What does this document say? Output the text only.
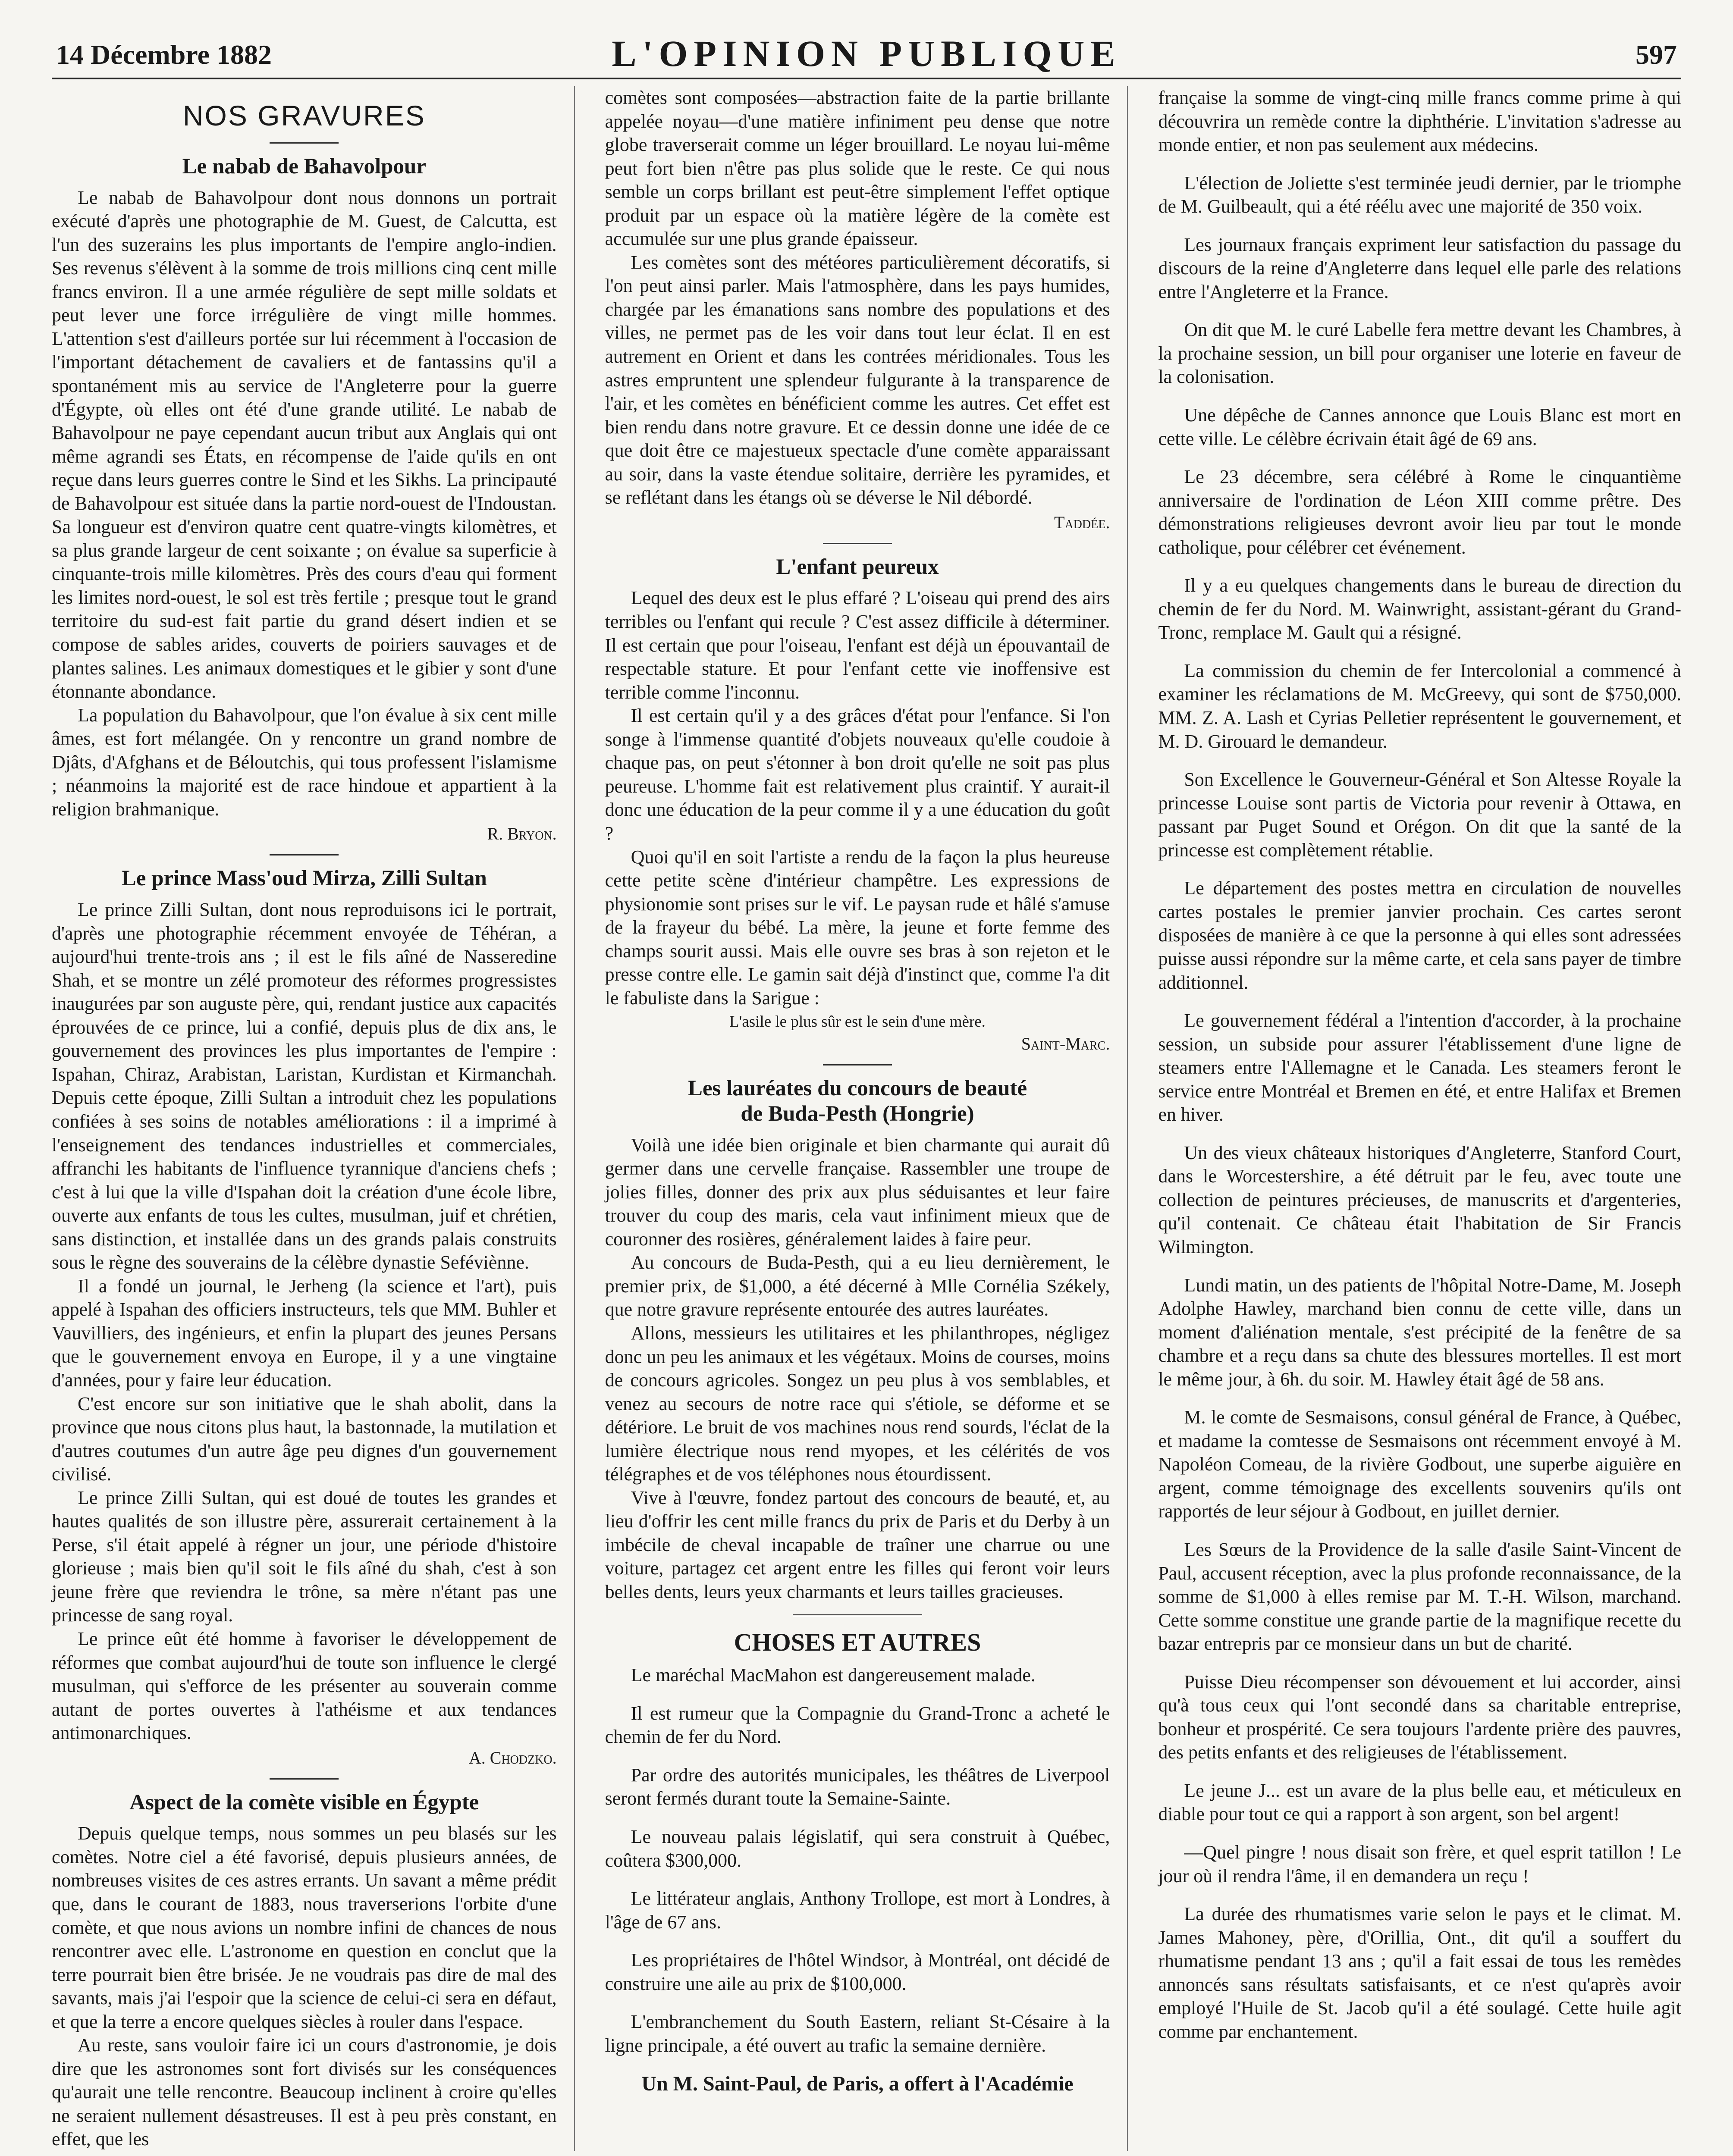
14 Décembre 1882	L'OPINION PUBLIQUE	597
NOS GRAVURES
Le nabab de Bahavolpour

Le nabab de Bahavolpour dont nous donnons un portrait exécuté d'après une photographie de M. Guest, de Calcutta, est l'un des suzerains les plus importants de l'empire anglo-indien. Ses revenus s'élèvent à la somme de trois millions cinq cent mille francs environ. Il a une armée régulière de sept mille soldats et peut lever une force irrégulière de vingt mille hommes. L'attention s'est d'ailleurs portée sur lui récemment à l'occasion de l'important détachement de cavaliers et de fantassins qu'il a spontanément mis au service de l'Angleterre pour la guerre d'Égypte, où elles ont été d'une grande utilité. Le nabab de Bahavolpour ne paye cependant aucun tribut aux Anglais qui ont même agrandi ses États, en récompense de l'aide qu'ils en ont reçue dans leurs guerres contre le Sind et les Sikhs. La principauté de Bahavolpour est située dans la partie nord-ouest de l'Indoustan. Sa longueur est d'environ quatre cent quatre-vingts kilomètres, et sa plus grande largeur de cent soixante ; on évalue sa superficie à cinquante-trois mille kilomètres. Près des cours d'eau qui forment les limites nord-ouest, le sol est très fertile ; presque tout le grand territoire du sud-est fait partie du grand désert indien et se compose de sables arides, couverts de poiriers sauvages et de plantes salines. Les animaux domestiques et le gibier y sont d'une étonnante abondance.

La population du Bahavolpour, que l'on évalue à six cent mille âmes, est fort mélangée. On y rencontre un grand nombre de Djâts, d'Afghans et de Béloutchis, qui tous professent l'islamisme ; néanmoins la majorité est de race hindoue et appartient à la religion brahmanique.

R. Bryon.
Le prince Mass'oud Mirza, Zilli Sultan

Le prince Zilli Sultan, dont nous reproduisons ici le portrait, d'après une photographie récemment envoyée de Téhéran, a aujourd'hui trente-trois ans ; il est le fils aîné de Nasseredine Shah, et se montre un zélé promoteur des réformes progressistes inaugurées par son auguste père, qui, rendant justice aux capacités éprouvées de ce prince, lui a confié, depuis plus de dix ans, le gouvernement des provinces les plus importantes de l'empire : Ispahan, Chiraz, Arabistan, Laristan, Kurdistan et Kirmanchah. Depuis cette époque, Zilli Sultan a introduit chez les populations confiées à ses soins de notables améliorations : il a imprimé à l'enseignement des tendances industrielles et commerciales, affranchi les habitants de l'influence tyrannique d'anciens chefs ; c'est à lui que la ville d'Ispahan doit la création d'une école libre, ouverte aux enfants de tous les cultes, musulman, juif et chrétien, sans distinction, et installée dans un des grands palais construits sous le règne des souverains de la célèbre dynastie Seféviènne.

Il a fondé un journal, le Jerheng (la science et l'art), puis appelé à Ispahan des officiers instructeurs, tels que MM. Buhler et Vauvilliers, des ingénieurs, et enfin la plupart des jeunes Persans que le gouvernement envoya en Europe, il y a une vingtaine d'années, pour y faire leur éducation.

C'est encore sur son initiative que le shah abolit, dans la province que nous citons plus haut, la bastonnade, la mutilation et d'autres coutumes d'un autre âge peu dignes d'un gouvernement civilisé.

Le prince Zilli Sultan, qui est doué de toutes les grandes et hautes qualités de son illustre père, assurerait certainement à la Perse, s'il était appelé à régner un jour, une période d'histoire glorieuse ; mais bien qu'il soit le fils aîné du shah, c'est à son jeune frère que reviendra le trône, sa mère n'étant pas une princesse de sang royal.

Le prince eût été homme à favoriser le développement de réformes que combat aujourd'hui de toute son influence le clergé musulman, qui s'efforce de les présenter au souverain comme autant de portes ouvertes à l'athéisme et aux tendances antimonarchiques.

A. Chodzko.
Aspect de la comète visible en Égypte

Depuis quelque temps, nous sommes un peu blasés sur les comètes. Notre ciel a été favorisé, depuis plusieurs années, de nombreuses visites de ces astres errants. Un savant a même prédit que, dans le courant de 1883, nous traverserions l'orbite d'une comète, et que nous avions un nombre infini de chances de nous rencontrer avec elle. L'astronome en question en conclut que la terre pourrait bien être brisée. Je ne voudrais pas dire de mal des savants, mais j'ai l'espoir que la science de celui-ci sera en défaut, et que la terre a encore quelques siècles à rouler dans l'espace.

Au reste, sans vouloir faire ici un cours d'astronomie, je dois dire que les astronomes sont fort divisés sur les conséquences qu'aurait une telle rencontre. Beaucoup inclinent à croire qu'elles ne seraient nullement désastreuses. Il est à peu près constant, en effet, que les

comètes sont composées—abstraction faite de la partie brillante appelée noyau—d'une matière infiniment peu dense que notre globe traverserait comme un léger brouillard. Le noyau lui-même peut fort bien n'être pas plus solide que le reste. Ce qui nous semble un corps brillant est peut-être simplement l'effet optique produit par un espace où la matière légère de la comète est accumulée sur une plus grande épaisseur.

Les comètes sont des météores particulièrement décoratifs, si l'on peut ainsi parler. Mais l'atmosphère, dans les pays humides, chargée par les émanations sans nombre des populations et des villes, ne permet pas de les voir dans tout leur éclat. Il en est autrement en Orient et dans les contrées méridionales. Tous les astres empruntent une splendeur fulgurante à la transparence de l'air, et les comètes en bénéficient comme les autres. Cet effet est bien rendu dans notre gravure. Et ce dessin donne une idée de ce que doit être ce majestueux spectacle d'une comète apparaissant au soir, dans la vaste étendue solitaire, derrière les pyramides, et se reflétant dans les étangs où se déverse le Nil débordé.

Taddée.
L'enfant peureux

Lequel des deux est le plus effaré ? L'oiseau qui prend des airs terribles ou l'enfant qui recule ? C'est assez difficile à déterminer. Il est certain que pour l'oiseau, l'enfant est déjà un épouvantail de respectable stature. Et pour l'enfant cette vie inoffensive est terrible comme l'inconnu.

Il est certain qu'il y a des grâces d'état pour l'enfance. Si l'on songe à l'immense quantité d'objets nouveaux qu'elle coudoie à chaque pas, on peut s'étonner à bon droit qu'elle ne soit pas plus peureuse. L'homme fait est relativement plus craintif. Y aurait-il donc une éducation de la peur comme il y a une éducation du goût ?

Quoi qu'il en soit l'artiste a rendu de la façon la plus heureuse cette petite scène d'intérieur champêtre. Les expressions de physionomie sont prises sur le vif. Le paysan rude et hâlé s'amuse de la frayeur du bébé. La mère, la jeune et forte femme des champs sourit aussi. Mais elle ouvre ses bras à son rejeton et le presse contre elle. Le gamin sait déjà d'instinct que, comme l'a dit le fabuliste dans la Sarigue :

L'asile le plus sûr est le sein d'une mère.
Saint-Marc.
Les lauréates du concours de beauté
de Buda-Pesth (Hongrie)

Voilà une idée bien originale et bien charmante qui aurait dû germer dans une cervelle française. Rassembler une troupe de jolies filles, donner des prix aux plus séduisantes et leur faire trouver du coup des maris, cela vaut infiniment mieux que de couronner des rosières, généralement laides à faire peur.

Au concours de Buda-Pesth, qui a eu lieu dernièrement, le premier prix, de $1,000, a été décerné à Mlle Cornélia Székely, que notre gravure représente entourée des autres lauréates.

Allons, messieurs les utilitaires et les philanthropes, négligez donc un peu les animaux et les végétaux. Moins de courses, moins de concours agricoles. Songez un peu plus à vos semblables, et venez au secours de notre race qui s'étiole, se déforme et se détériore. Le bruit de vos machines nous rend sourds, l'éclat de la lumière électrique nous rend myopes, et les célérités de vos télégraphes et de vos téléphones nous étourdissent.

Vive à l'œuvre, fondez partout des concours de beauté, et, au lieu d'offrir les cent mille francs du prix de Paris et du Derby à un imbécile de cheval incapable de traîner une charrue ou une voiture, partagez cet argent entre les filles qui feront voir leurs belles dents, leurs yeux charmants et leurs tailles gracieuses.

CHOSES ET AUTRES

Le maréchal MacMahon est dangereusement malade.

Il est rumeur que la Compagnie du Grand-Tronc a acheté le chemin de fer du Nord.

Par ordre des autorités municipales, les théâtres de Liverpool seront fermés durant toute la Semaine-Sainte.

Le nouveau palais législatif, qui sera construit à Québec, coûtera $300,000.

Le littérateur anglais, Anthony Trollope, est mort à Londres, à l'âge de 67 ans.

Les propriétaires de l'hôtel Windsor, à Montréal, ont décidé de construire une aile au prix de $100,000.

L'embranchement du South Eastern, reliant St-Césaire à la ligne principale, a été ouvert au trafic la semaine dernière.

Un M. Saint-Paul, de Paris, a offert à l'Académie

française la somme de vingt-cinq mille francs comme prime à qui découvrira un remède contre la diphthérie. L'invitation s'adresse au monde entier, et non pas seulement aux médecins.

L'élection de Joliette s'est terminée jeudi dernier, par le triomphe de M. Guilbeault, qui a été réélu avec une majorité de 350 voix.

Les journaux français expriment leur satisfaction du passage du discours de la reine d'Angleterre dans lequel elle parle des relations entre l'Angleterre et la France.

On dit que M. le curé Labelle fera mettre devant les Chambres, à la prochaine session, un bill pour organiser une loterie en faveur de la colonisation.

Une dépêche de Cannes annonce que Louis Blanc est mort en cette ville. Le célèbre écrivain était âgé de 69 ans.

Le 23 décembre, sera célébré à Rome le cinquantième anniversaire de l'ordination de Léon XIII comme prêtre. Des démonstrations religieuses devront avoir lieu par tout le monde catholique, pour célébrer cet événement.

Il y a eu quelques changements dans le bureau de direction du chemin de fer du Nord. M. Wainwright, assistant-gérant du Grand-Tronc, remplace M. Gault qui a résigné.

La commission du chemin de fer Intercolonial a commencé à examiner les réclamations de M. McGreevy, qui sont de $750,000. MM. Z. A. Lash et Cyrias Pelletier représentent le gouvernement, et M. D. Girouard le demandeur.

Son Excellence le Gouverneur-Général et Son Altesse Royale la princesse Louise sont partis de Victoria pour revenir à Ottawa, en passant par Puget Sound et Orégon. On dit que la santé de la princesse est complètement rétablie.

Le département des postes mettra en circulation de nouvelles cartes postales le premier janvier prochain. Ces cartes seront disposées de manière à ce que la personne à qui elles sont adressées puisse aussi répondre sur la même carte, et cela sans payer de timbre additionnel.

Le gouvernement fédéral a l'intention d'accorder, à la prochaine session, un subside pour assurer l'établissement d'une ligne de steamers entre l'Allemagne et le Canada. Les steamers feront le service entre Montréal et Bremen en été, et entre Halifax et Bremen en hiver.

Un des vieux châteaux historiques d'Angleterre, Stanford Court, dans le Worcestershire, a été détruit par le feu, avec toute une collection de peintures précieuses, de manuscrits et d'argenteries, qu'il contenait. Ce château était l'habitation de Sir Francis Wilmington.

Lundi matin, un des patients de l'hôpital Notre-Dame, M. Joseph Adolphe Hawley, marchand bien connu de cette ville, dans un moment d'aliénation mentale, s'est précipité de la fenêtre de sa chambre et a reçu dans sa chute des blessures mortelles. Il est mort le même jour, à 6h. du soir. M. Hawley était âgé de 58 ans.

M. le comte de Sesmaisons, consul général de France, à Québec, et madame la comtesse de Sesmaisons ont récemment envoyé à M. Napoléon Comeau, de la rivière Godbout, une superbe aiguière en argent, comme témoignage des excellents souvenirs qu'ils ont rapportés de leur séjour à Godbout, en juillet dernier.

Les Sœurs de la Providence de la salle d'asile Saint-Vincent de Paul, accusent réception, avec la plus profonde reconnaissance, de la somme de $1,000 à elles remise par M. T.-H. Wilson, marchand. Cette somme constitue une grande partie de la magnifique recette du bazar entrepris par ce monsieur dans un but de charité.

Puisse Dieu récompenser son dévouement et lui accorder, ainsi qu'à tous ceux qui l'ont secondé dans sa charitable entreprise, bonheur et prospérité. Ce sera toujours l'ardente prière des pauvres, des petits enfants et des religieuses de l'établissement.

Le jeune J... est un avare de la plus belle eau, et méticuleux en diable pour tout ce qui a rapport à son argent, son bel argent!

—Quel pingre ! nous disait son frère, et quel esprit tatillon ! Le jour où il rendra l'âme, il en demandera un reçu !

La durée des rhumatismes varie selon le pays et le climat. M. James Mahoney, père, d'Orillia, Ont., dit qu'il a souffert du rhumatisme pendant 13 ans ; qu'il a fait essai de tous les remèdes annoncés sans résultats satisfaisants, et ce n'est qu'après avoir employé l'Huile de St. Jacob qu'il a été soulagé. Cette huile agit comme par enchantement.
